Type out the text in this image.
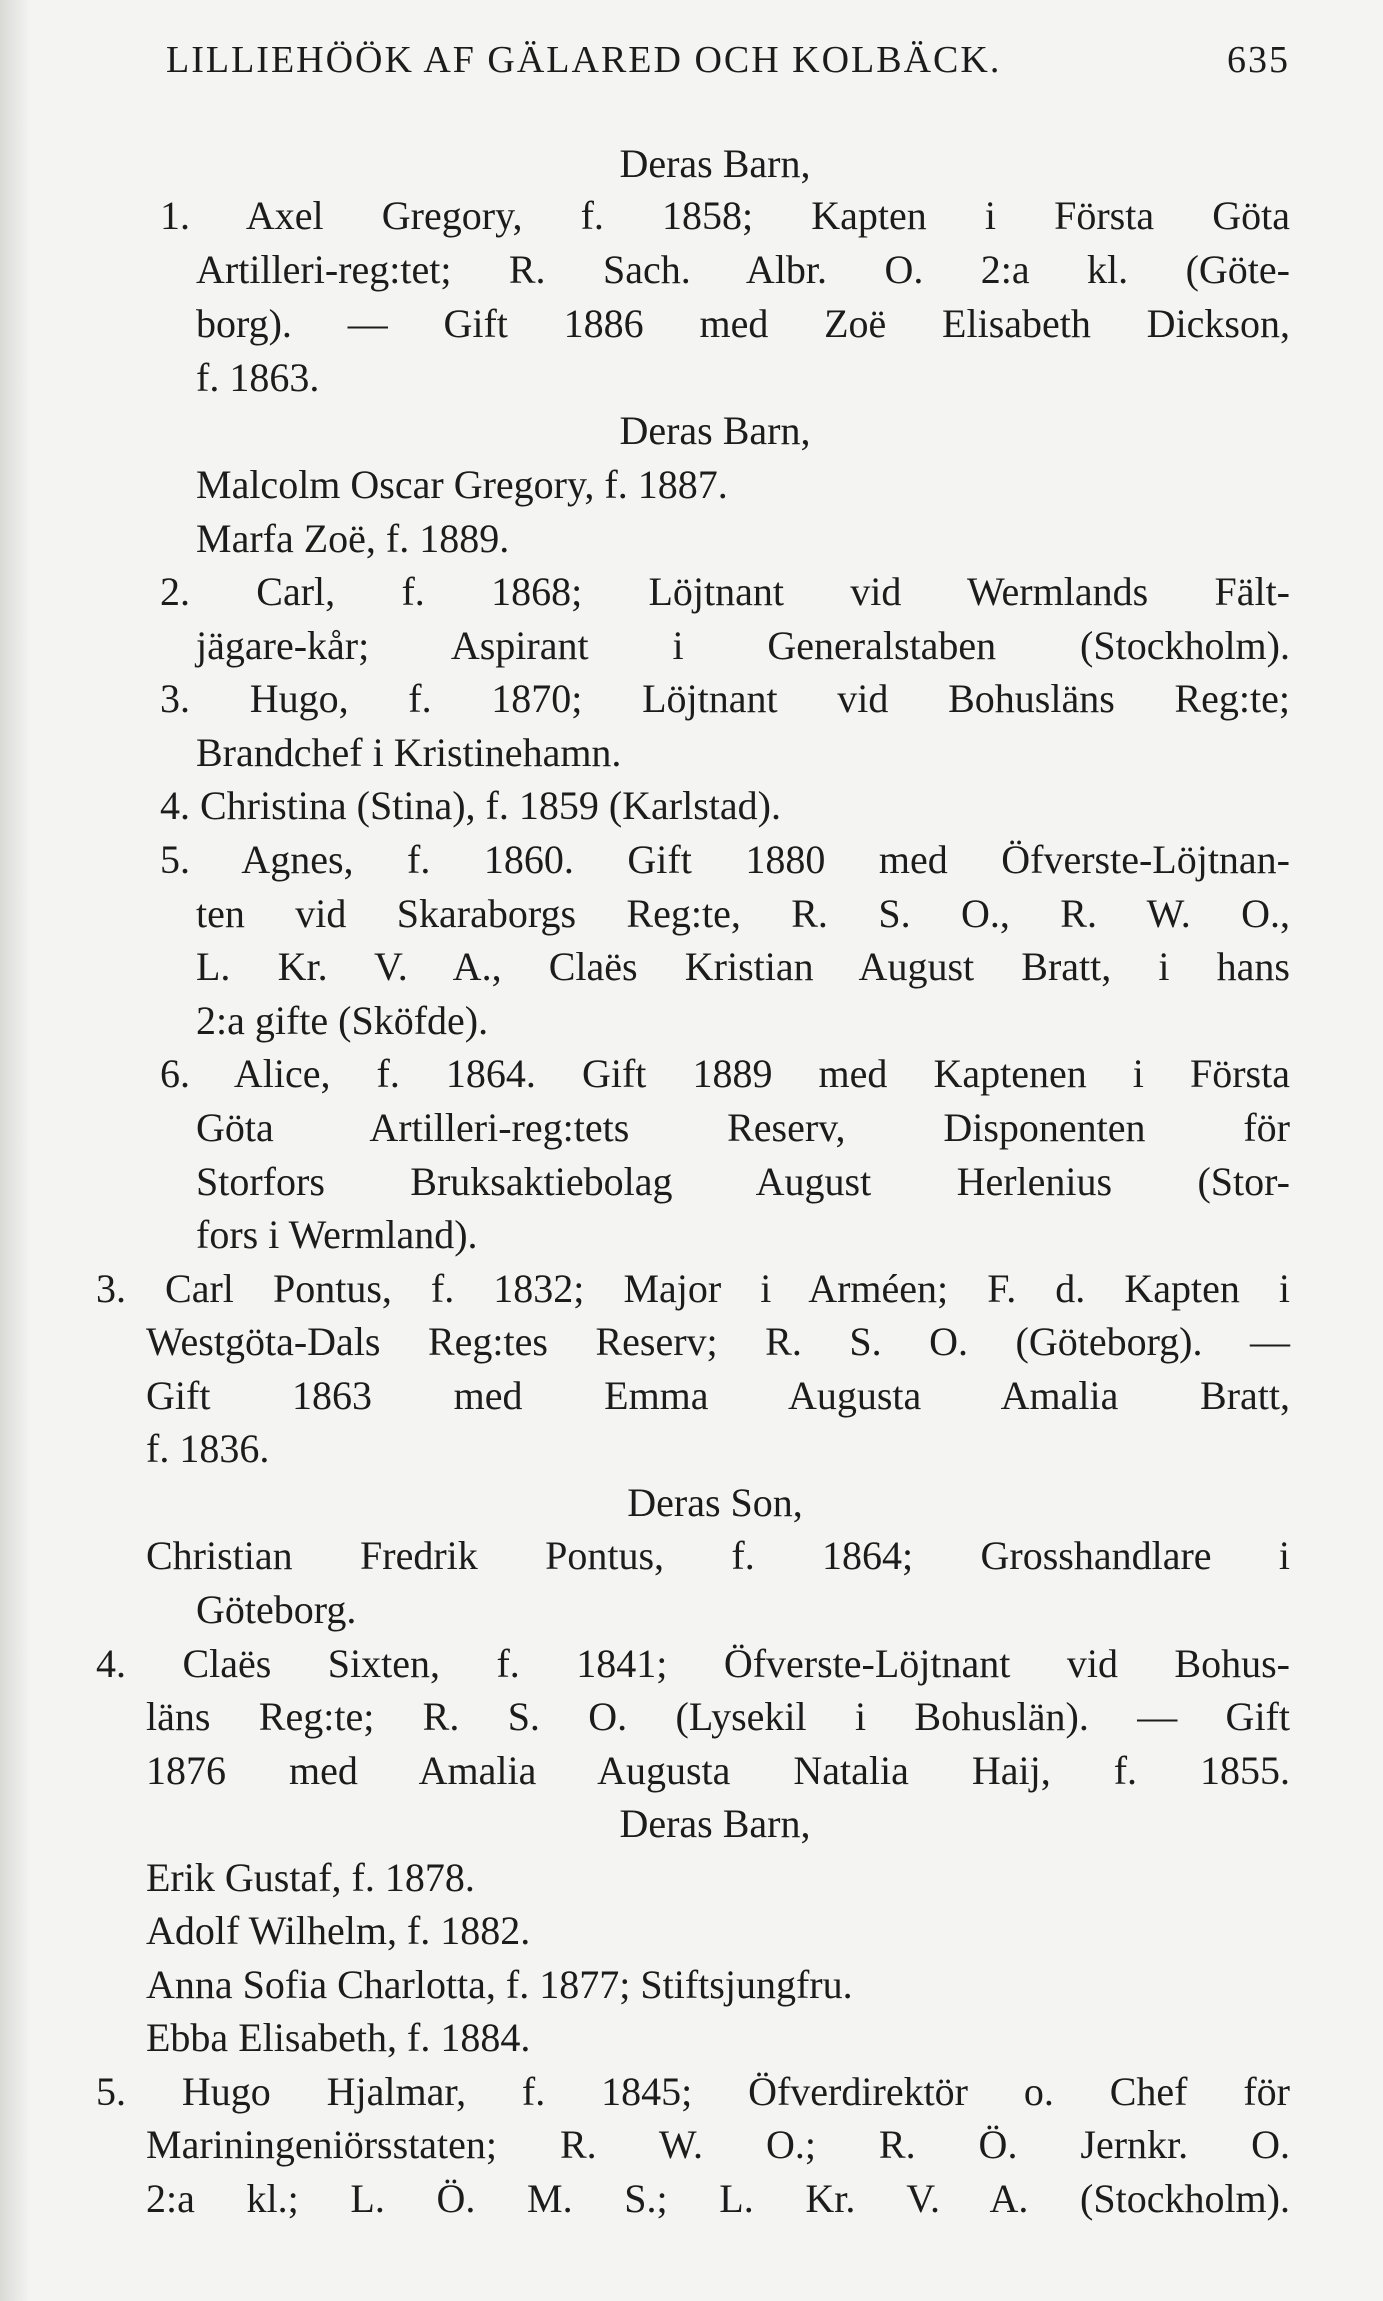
LILLIEHÖÖK AF GÄLARED OCH KOLBÄCK.	635
Deras Barn,
1. Axel Gregory, f. 1858; Kapten i Första Göta
Artilleri-reg:tet; R. Sach. Albr. O. 2:a kl. (Göte-
borg). — Gift 1886 med Zoë Elisabeth Dickson,
f. 1863.
Deras Barn,
Malcolm Oscar Gregory, f. 1887.
Marfa Zoë, f. 1889.
2. Carl, f. 1868; Löjtnant vid Wermlands Fält-
jägare-kår; Aspirant i Generalstaben (Stockholm).
3. Hugo, f. 1870; Löjtnant vid Bohusläns Reg:te;
Brandchef i Kristinehamn.
4. Christina (Stina), f. 1859 (Karlstad).
5. Agnes, f. 1860. Gift 1880 med Öfverste-Löjtnan-
ten vid Skaraborgs Reg:te, R. S. O., R. W. O.,
L. Kr. V. A., Claës Kristian August Bratt, i hans
2:a gifte (Sköfde).
6. Alice, f. 1864. Gift 1889 med Kaptenen i Första
Göta Artilleri-reg:tets Reserv, Disponenten för
Storfors Bruksaktiebolag August Herlenius (Stor-
fors i Wermland).
3. Carl Pontus, f. 1832; Major i Arméen; F. d. Kapten i
Westgöta-Dals Reg:tes Reserv; R. S. O. (Göteborg). —
Gift 1863 med Emma Augusta Amalia Bratt,
f. 1836.
Deras Son,
Christian Fredrik Pontus, f. 1864; Grosshandlare i
Göteborg.
4. Claës Sixten, f. 1841; Öfverste-Löjtnant vid Bohus-
läns Reg:te; R. S. O. (Lysekil i Bohuslän). — Gift
1876 med Amalia Augusta Natalia Haij, f. 1855.
Deras Barn,
Erik Gustaf, f. 1878.
Adolf Wilhelm, f. 1882.
Anna Sofia Charlotta, f. 1877; Stiftsjungfru.
Ebba Elisabeth, f. 1884.
5. Hugo Hjalmar, f. 1845; Öfverdirektör o. Chef för
Mariningeniörsstaten; R. W. O.; R. Ö. Jernkr. O.
2:a kl.; L. Ö. M. S.; L. Kr. V. A. (Stockholm).
